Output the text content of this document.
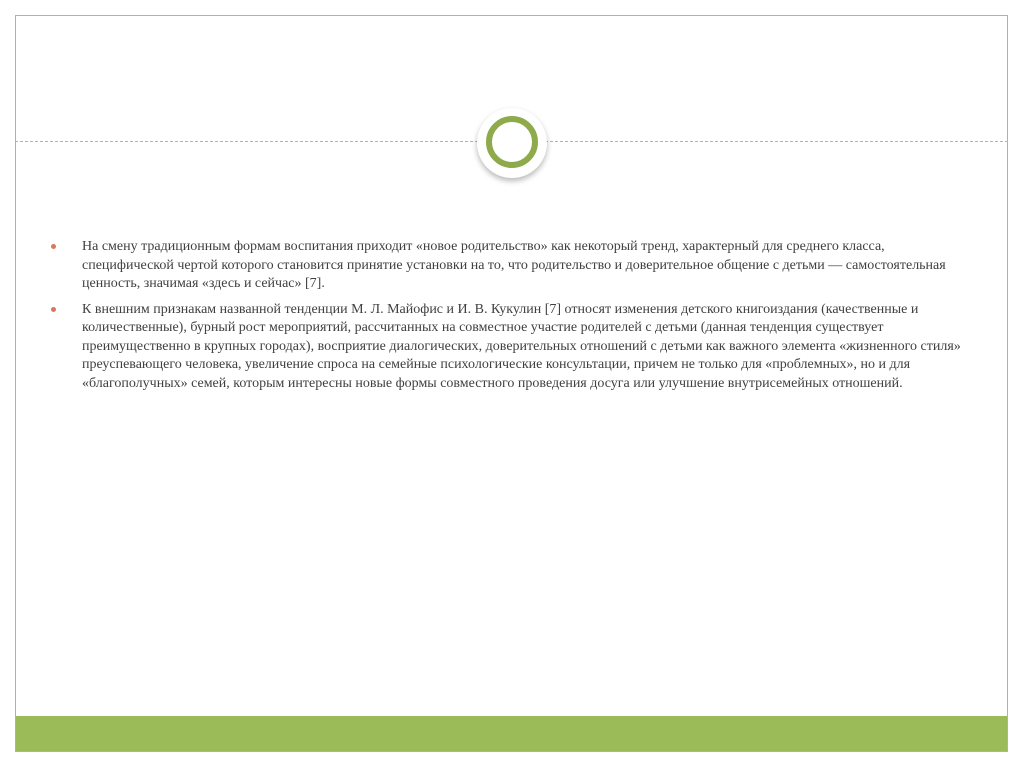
На смену традиционным формам воспитания приходит «новое родительство» как некоторый тренд, характерный для среднего класса, специфической чертой которого становится принятие установки на то, что родительство и доверительное общение с детьми — самостоятельная ценность, значимая «здесь и сейчас» [7].
К внешним признакам названной тенденции М. Л. Майофис и И. В. Кукулин [7] относят изменения детского книгоиздания (качественные и количественные), бурный рост мероприятий, рассчитанных на совместное участие родителей с детьми (данная тенденция существует преимущественно в крупных городах), восприятие диалогических, доверительных отношений с детьми как важного элемента «жизненного стиля» преуспевающего человека, увеличение спроса на семейные психологические консультации, причем не только для «проблемных», но и для «благополучных» семей, которым интересны новые формы совместного проведения досуга или улучшение внутрисемейных отношений.
